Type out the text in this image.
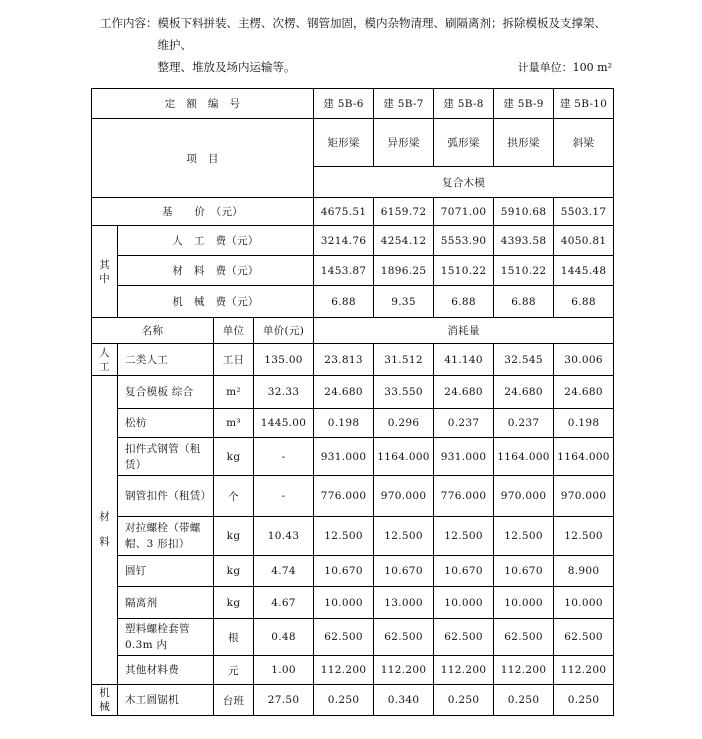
工作内容： 模板下料拼装、主楞、次楞、钢管加固，模内杂物清理、刷隔离剂；拆除模板及支撑架、维护、
整理、堆放及场内运输等。	计量单位：100 m²
定　额　编　号				建 5B-6	建 5B-7	建 5B-8	建 5B-9	建 5B-10
项　目				矩形梁	异形梁	弧形梁	拱形梁	斜梁
				复合木模				
基　　价　（元）				4675.51	6159.72	7071.00	5910.68	5503.17
其中	人　工　费（元）			3214.76	4254.12	5553.90	4393.58	4050.81
	材　料　费（元）			1453.87	1896.25	1510.22	1510.22	1445.48
	机　械　费（元）			6.88	9.35	6.88	6.88	6.88
名称		单位	单价(元)	消耗量				
人工	二类人工	工日	135.00	23.813	31.512	41.140	32.545	30.006
材料	复合模板 综合	m²	32.33	24.680	33.550	24.680	24.680	24.680
	松枋	m³	1445.00	0.198	0.296	0.237	0.237	0.198
	扣件式钢管（租赁）	kg	-	931.000	1164.000	931.000	1164.000	1164.000
	钢管扣件（租赁）	个	-	776.000	970.000	776.000	970.000	970.000
	对拉螺栓（带螺帽、3 形扣）	kg	10.43	12.500	12.500	12.500	12.500	12.500
	圆钉	kg	4.74	10.670	10.670	10.670	10.670	8.900
	隔离剂	kg	4.67	10.000	13.000	10.000	10.000	10.000
	塑料螺栓套管 0.3m 内	根	0.48	62.500	62.500	62.500	62.500	62.500
	其他材料费	元	1.00	112.200	112.200	112.200	112.200	112.200
机械	木工圆锯机	台班	27.50	0.250	0.340	0.250	0.250	0.250
